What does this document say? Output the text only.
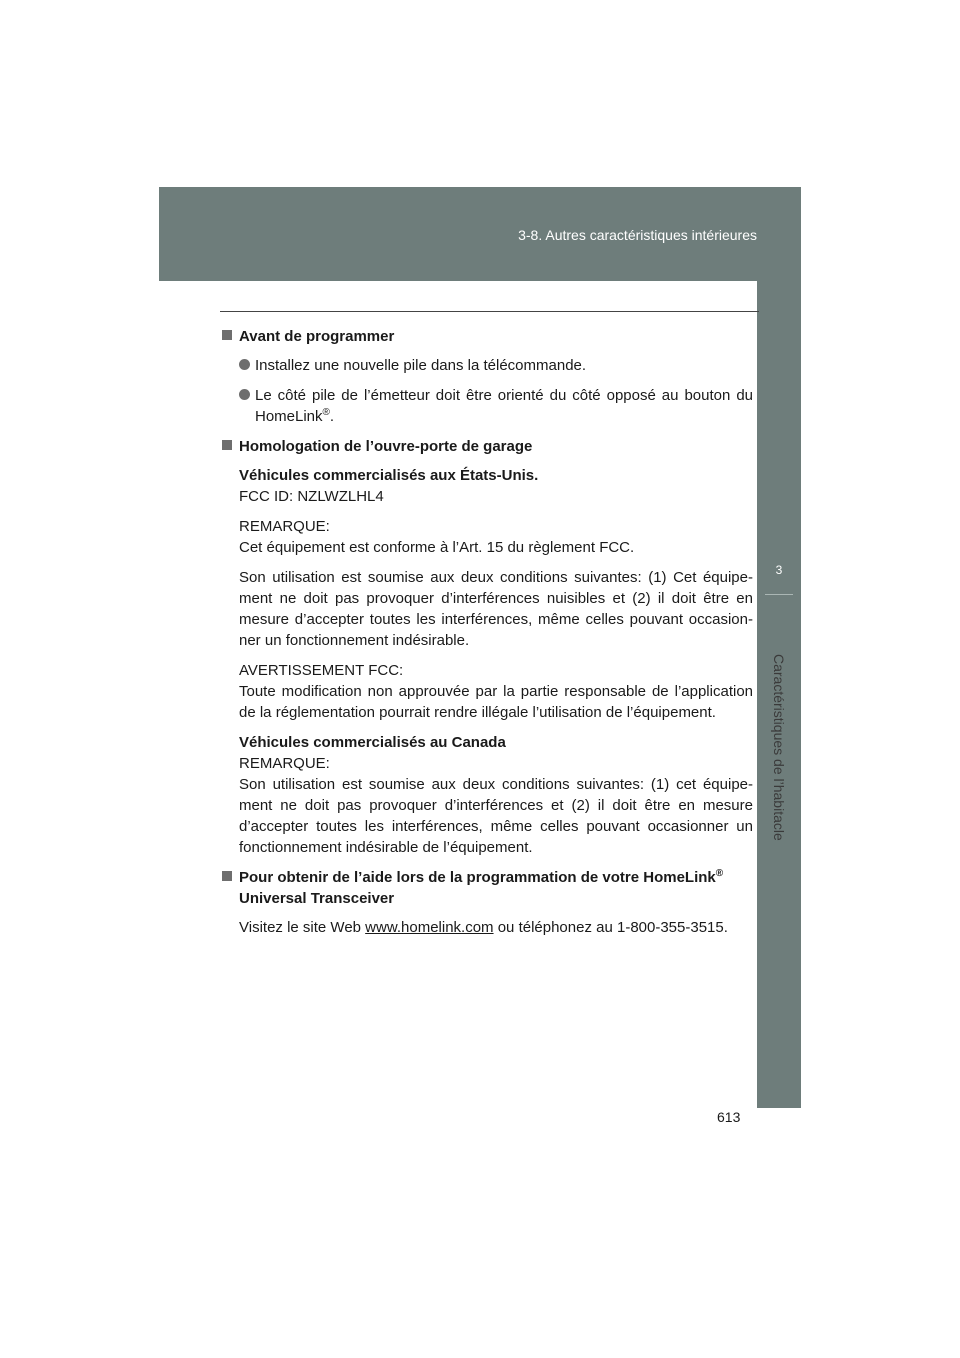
3-8. Autres caractéristiques intérieures
3
Caractéristiques de l’habitacle
Avant de programmer
Installez une nouvelle pile dans la télécommande.
Le côté pile de l’émetteur doit être orienté du côté opposé au bouton du HomeLink®.
Homologation de l’ouvre-porte de garage
Véhicules commercialisés aux États-Unis.
FCC ID: NZLWZLHL4
REMARQUE:
Cet équipement est conforme à l’Art. 15 du règlement FCC.
Son utilisation est soumise aux deux conditions suivantes: (1) Cet équipe-ment ne doit pas provoquer d’interférences nuisibles et (2) il doit être en mesure d’accepter toutes les interférences, même celles pouvant occasion-ner un fonctionnement indésirable.
AVERTISSEMENT FCC:
Toute modification non approuvée par la partie responsable de l’application de la réglementation pourrait rendre illégale l’utilisation de l’équipement.
Véhicules commercialisés au Canada
REMARQUE:
Son utilisation est soumise aux deux conditions suivantes: (1) cet équipe-ment ne doit pas provoquer d’interférences et (2) il doit être en mesure d’accepter toutes les interférences, même celles pouvant occasionner un fonctionnement indésirable de l’équipement.
Pour obtenir de l’aide lors de la programmation de votre HomeLink®
Universal Transceiver
Visitez le site Web www.homelink.com ou téléphonez au 1-800-355-3515.
613
